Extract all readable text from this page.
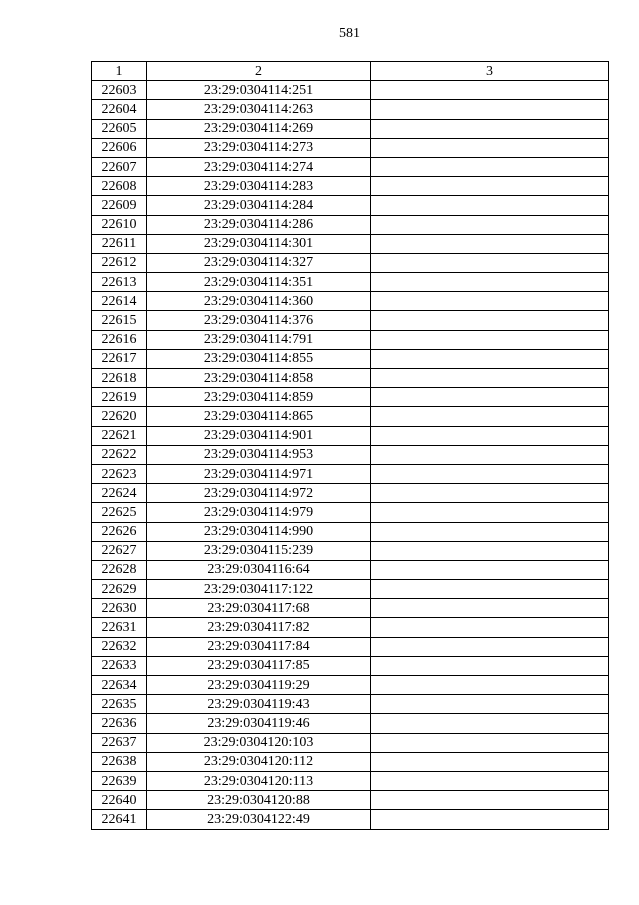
581
1	2	3
22603	23:29:0304114:251	
22604	23:29:0304114:263	
22605	23:29:0304114:269	
22606	23:29:0304114:273	
22607	23:29:0304114:274	
22608	23:29:0304114:283	
22609	23:29:0304114:284	
22610	23:29:0304114:286	
22611	23:29:0304114:301	
22612	23:29:0304114:327	
22613	23:29:0304114:351	
22614	23:29:0304114:360	
22615	23:29:0304114:376	
22616	23:29:0304114:791	
22617	23:29:0304114:855	
22618	23:29:0304114:858	
22619	23:29:0304114:859	
22620	23:29:0304114:865	
22621	23:29:0304114:901	
22622	23:29:0304114:953	
22623	23:29:0304114:971	
22624	23:29:0304114:972	
22625	23:29:0304114:979	
22626	23:29:0304114:990	
22627	23:29:0304115:239	
22628	23:29:0304116:64	
22629	23:29:0304117:122	
22630	23:29:0304117:68	
22631	23:29:0304117:82	
22632	23:29:0304117:84	
22633	23:29:0304117:85	
22634	23:29:0304119:29	
22635	23:29:0304119:43	
22636	23:29:0304119:46	
22637	23:29:0304120:103	
22638	23:29:0304120:112	
22639	23:29:0304120:113	
22640	23:29:0304120:88	
22641	23:29:0304122:49	
